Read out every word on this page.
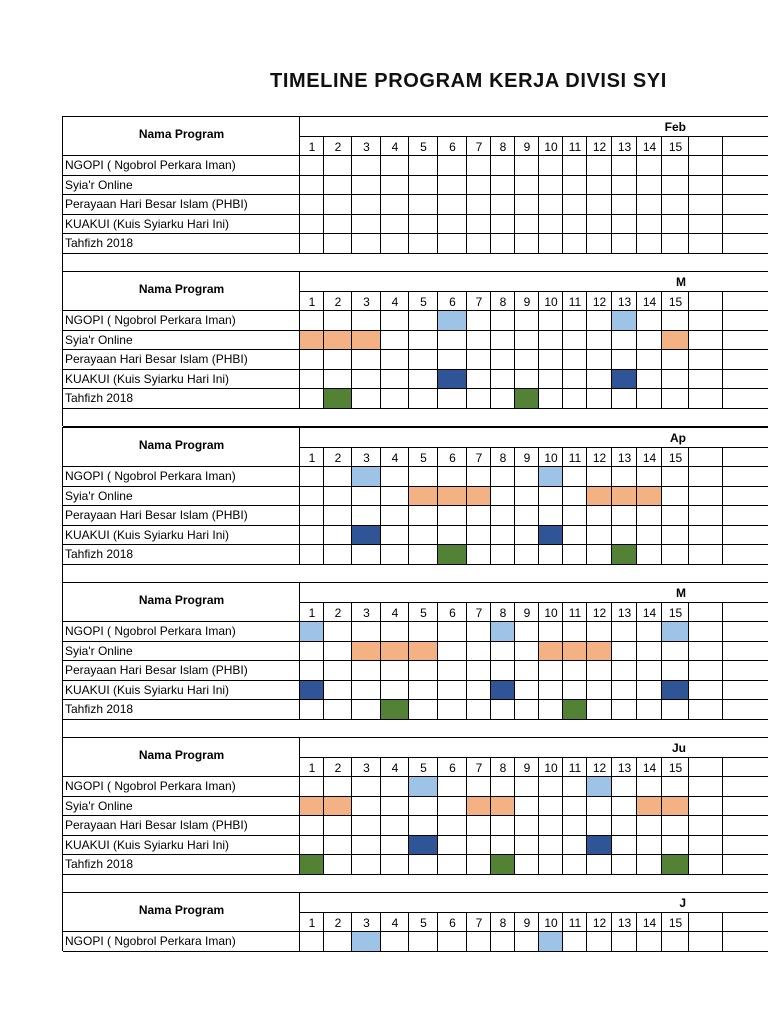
TIMELINE PROGRAM KERJA DIVISI SYI
Nama Program	Feb
1	2	3	4	5	6	7	8	9	10 11 12 13 14	15
NGOPI ( Ngobrol Perkara Iman)
Syia'r Online
Perayaan Hari Besar Islam (PHBI)
KUAKUI (Kuis Syiarku Hari Ini)
Tahfizh 2018
Nama Program	M
1	2	3	4	5	6	7	8	9	10 11 12 13 14	15
NGOPI ( Ngobrol Perkara Iman)
Syia'r Online
Perayaan Hari Besar Islam (PHBI)
KUAKUI (Kuis Syiarku Hari Ini)
Tahfizh 2018
Nama Program	Ap
1	2	3	4	5	6	7	8	9	10 11 12 13 14	15
NGOPI ( Ngobrol Perkara Iman)
Syia'r Online
Perayaan Hari Besar Islam (PHBI)
KUAKUI (Kuis Syiarku Hari Ini)
Tahfizh 2018
Nama Program	M
1	2	3	4	5	6	7	8	9	10 11 12 13 14	15
NGOPI ( Ngobrol Perkara Iman)
Syia'r Online
Perayaan Hari Besar Islam (PHBI)
KUAKUI (Kuis Syiarku Hari Ini)
Tahfizh 2018
Nama Program	Ju
1	2	3	4	5	6	7	8	9	10 11 12 13 14	15
NGOPI ( Ngobrol Perkara Iman)
Syia'r Online
Perayaan Hari Besar Islam (PHBI)
KUAKUI (Kuis Syiarku Hari Ini)
Tahfizh 2018
Nama Program	J
1	2	3	4	5	6	7	8	9	10 11 12 13 14	15
NGOPI ( Ngobrol Perkara Iman)
